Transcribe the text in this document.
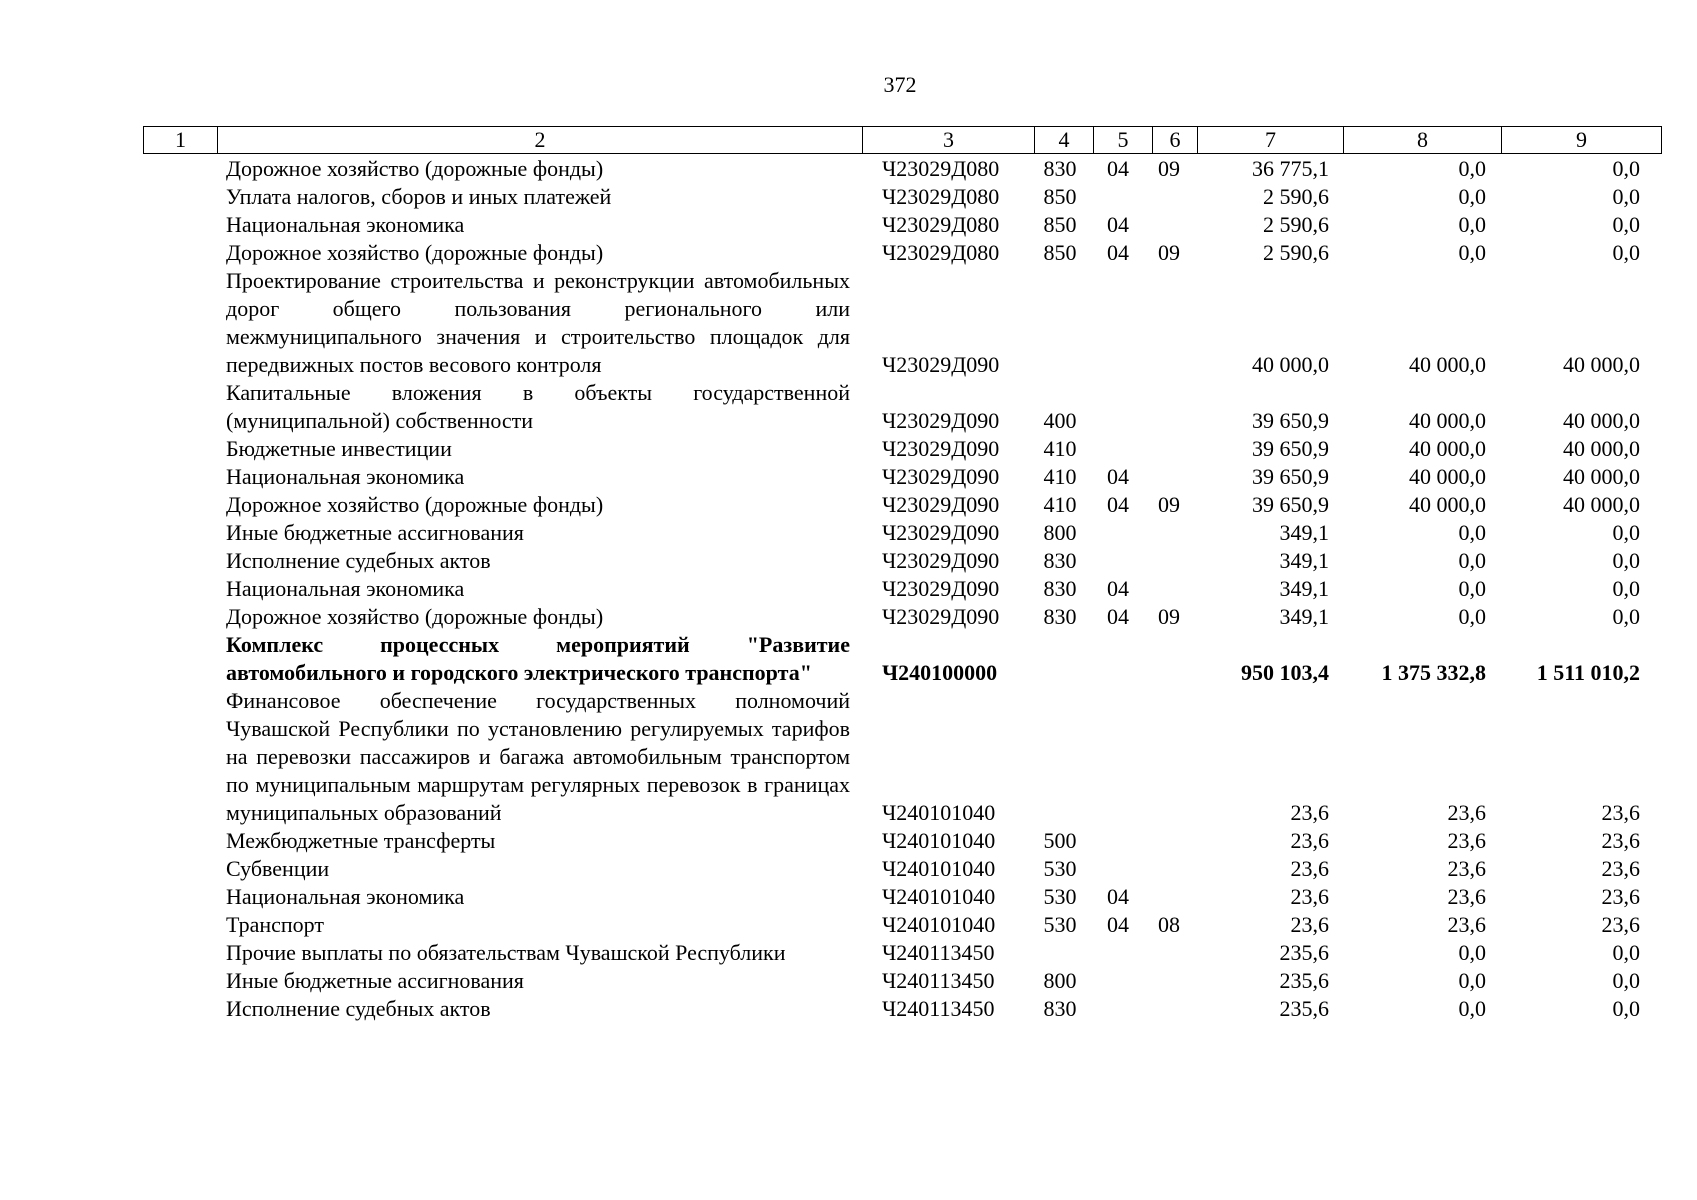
372
1	2	3	4	5	6	7	8	9
	Дорожное хозяйство (дорожные фонды)	Ч23029Д080	830	04	09	36 775,1	0,0	0,0
	Уплата налогов, сборов и иных платежей	Ч23029Д080	850			2 590,6	0,0	0,0
	Национальная экономика	Ч23029Д080	850	04		2 590,6	0,0	0,0
	Дорожное хозяйство (дорожные фонды)	Ч23029Д080	850	04	09	2 590,6	0,0	0,0
	Проектирование строительства и реконструкции автомобильных дорог общего пользования регионального или межмуниципального значения и строительство площадок для передвижных постов весового контроля	Ч23029Д090				40 000,0	40 000,0	40 000,0
	Капитальные вложения в объекты государственной (муниципальной) собственности	Ч23029Д090	400			39 650,9	40 000,0	40 000,0
	Бюджетные инвестиции	Ч23029Д090	410			39 650,9	40 000,0	40 000,0
	Национальная экономика	Ч23029Д090	410	04		39 650,9	40 000,0	40 000,0
	Дорожное хозяйство (дорожные фонды)	Ч23029Д090	410	04	09	39 650,9	40 000,0	40 000,0
	Иные бюджетные ассигнования	Ч23029Д090	800			349,1	0,0	0,0
	Исполнение судебных актов	Ч23029Д090	830			349,1	0,0	0,0
	Национальная экономика	Ч23029Д090	830	04		349,1	0,0	0,0
	Дорожное хозяйство (дорожные фонды)	Ч23029Д090	830	04	09	349,1	0,0	0,0
	Комплекс процессных мероприятий "Развитие автомобильного и городского электрического транспорта"	Ч240100000				950 103,4	1 375 332,8	1 511 010,2
	Финансовое обеспечение государственных полномочий Чувашской Республики по установлению регулируемых тарифов на перевозки пассажиров и багажа автомобильным транспортом по муниципальным маршрутам регулярных перевозок в границах муниципальных образований	Ч240101040				23,6	23,6	23,6
	Межбюджетные трансферты	Ч240101040	500			23,6	23,6	23,6
	Субвенции	Ч240101040	530			23,6	23,6	23,6
	Национальная экономика	Ч240101040	530	04		23,6	23,6	23,6
	Транспорт	Ч240101040	530	04	08	23,6	23,6	23,6
	Прочие выплаты по обязательствам Чувашской Республики	Ч240113450				235,6	0,0	0,0
	Иные бюджетные ассигнования	Ч240113450	800			235,6	0,0	0,0
	Исполнение судебных актов	Ч240113450	830			235,6	0,0	0,0
